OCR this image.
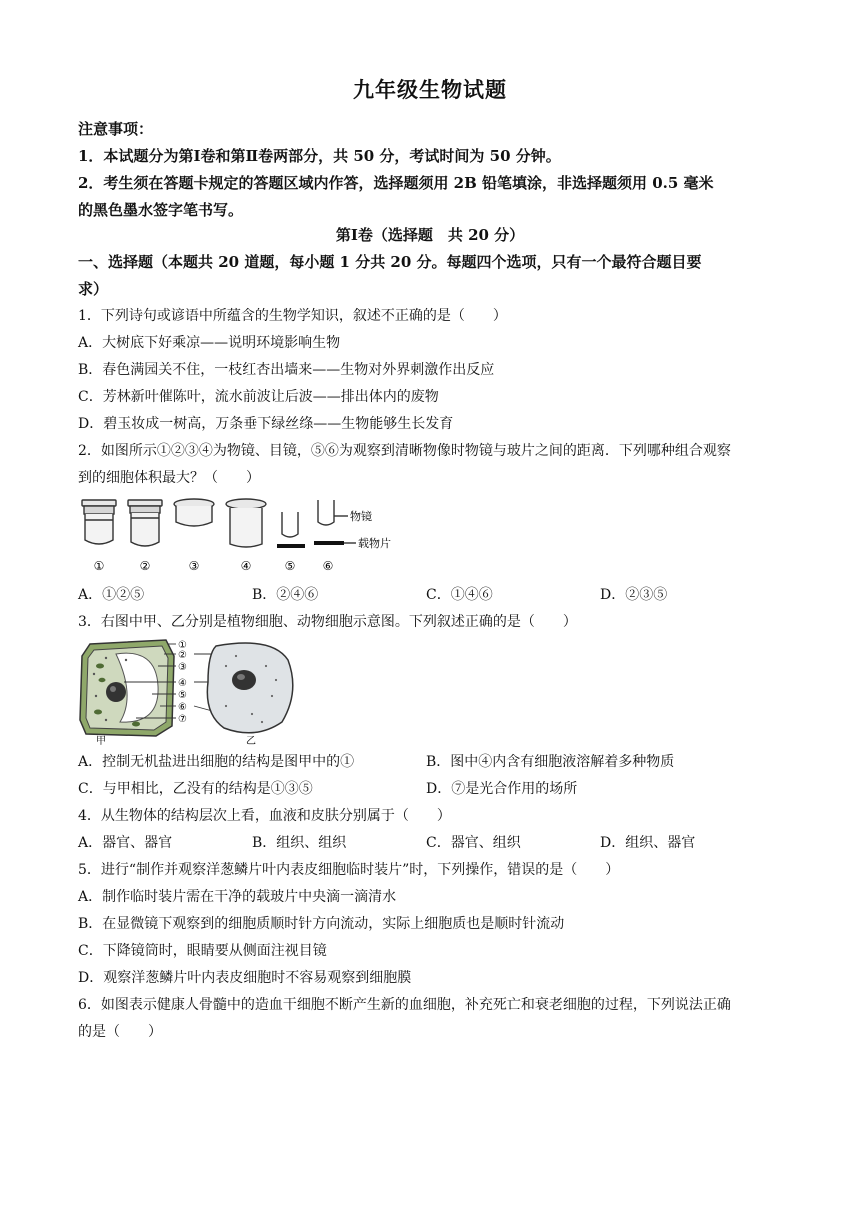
九年级生物试题
注意事项：
1．本试题分为第Ⅰ卷和第Ⅱ卷两部分，共 50 分，考试时间为 50 分钟。
2．考生须在答题卡规定的答题区域内作答，选择题须用 2B 铅笔填涂，非选择题须用 0.5 毫米
的黑色墨水签字笔书写。
第Ⅰ卷（选择题　共 20 分）
一、选择题（本题共 20 道题，每小题 1 分共 20 分。每题四个选项，只有一个最符合题目要
求）
1．下列诗句或谚语中所蕴含的生物学知识，叙述不正确的是（　　）
A．大树底下好乘凉——说明环境影响生物
B．春色满园关不住，一枝红杏出墙来——生物对外界刺激作出反应
C．芳林新叶催陈叶，流水前波让后波——排出体内的废物
D．碧玉妆成一树高，万条垂下绿丝绦——生物能够生长发育
2．如图所示①②③④为物镜、目镜，⑤⑥为观察到清晰物像时物镜与玻片之间的距离．下列哪种组合观察
到的细胞体积最大？（　　）
物镜
载物片
①	②	③	④	⑤ ⑥
A．①②⑤	B．②④⑥	C．①④⑥	D．②③⑤
3．右图中甲、乙分别是植物细胞、动物细胞示意图。下列叙述正确的是（　　）
①
②
③
④
⑤
⑥
⑦
甲	乙
A．控制无机盐进出细胞的结构是图甲中的①	B．图中④内含有细胞液溶解着多种物质
C．与甲相比，乙没有的结构是①③⑤	D．⑦是光合作用的场所
4．从生物体的结构层次上看，血液和皮肤分别属于（　　）
A．器官、器官	B．组织、组织	C．器官、组织	D．组织、器官
5．进行“制作并观察洋葱鳞片叶内表皮细胞临时装片”时，下列操作，错误的是（　　）
A．制作临时装片需在干净的载玻片中央滴一滴清水
B．在显微镜下观察到的细胞质顺时针方向流动，实际上细胞质也是顺时针流动
C．下降镜筒时，眼睛要从侧面注视目镜
D．观察洋葱鳞片叶内表皮细胞时不容易观察到细胞膜
6．如图表示健康人骨髓中的造血干细胞不断产生新的血细胞，补充死亡和衰老细胞的过程，下列说法正确
的是（　　）
